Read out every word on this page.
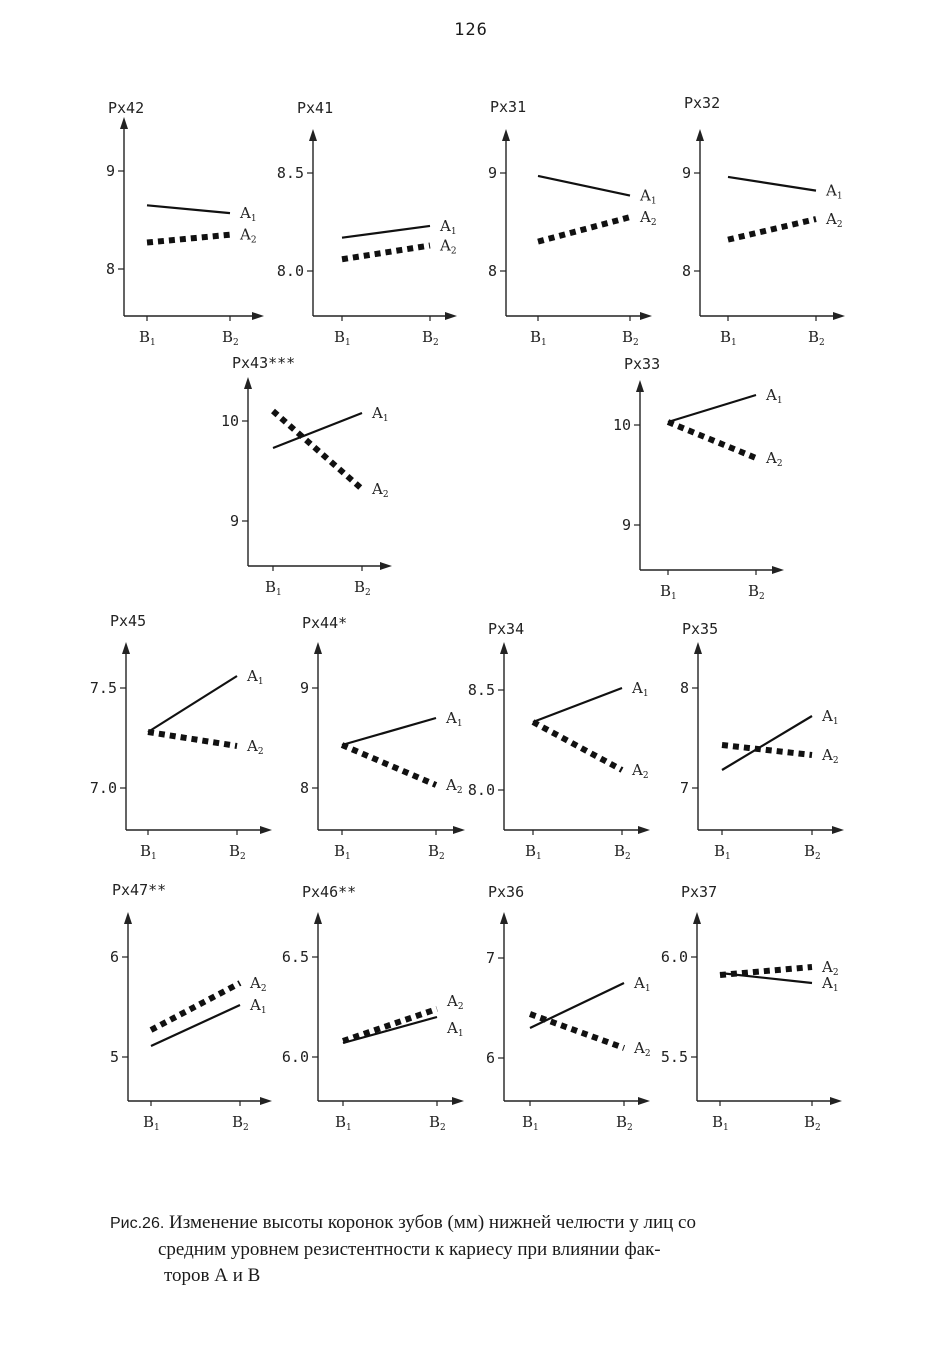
126
Px42
9
8
$B_1$	$B_2$
$A_1$
$A_2$
Px41
8.5
8.0
$B_1$	$B_2$
$A_1$
$A_2$
Px31
9
8
$B_1$	$B_2$
$A_1$
$A_2$
Px32
9
8
$B_1$	$B_2$
$A_1$
$A_2$
Px43***
10
9
$B_1$	$B_2$
$A_1$
$A_2$
Px33
10
9
$B_1$	$B_2$
$A_1$
$A_2$
Px45
7.5
7.0
$B_1$	$B_2$
$A_1$
$A_2$
Px44*
9
8
$B_1$	$B_2$
$A_1$
$A_2$
Px34
8.5
8.0
$B_1$	$B_2$
$A_1$
$A_2$
Px35
8
7
$B_1$	$B_2$
$A_1$
$A_2$
Px47**
6
5
$B_1$	$B_2$
$A_1$
$A_2$
Px46**
6.5
6.0
$B_1$	$B_2$
$A_1$
$A_2$
Px36
7
6
$B_1$	$B_2$
$A_1$
$A_2$
Px37
6.0
5.5
$B_1$	$B_2$
$A_1$
$A_2$
Рис.26. Изменение высоты коронок зубов (мм) нижней челюсти у лиц со
средним уровнем резистентности к кариесу при влиянии фак-
торов А и В
